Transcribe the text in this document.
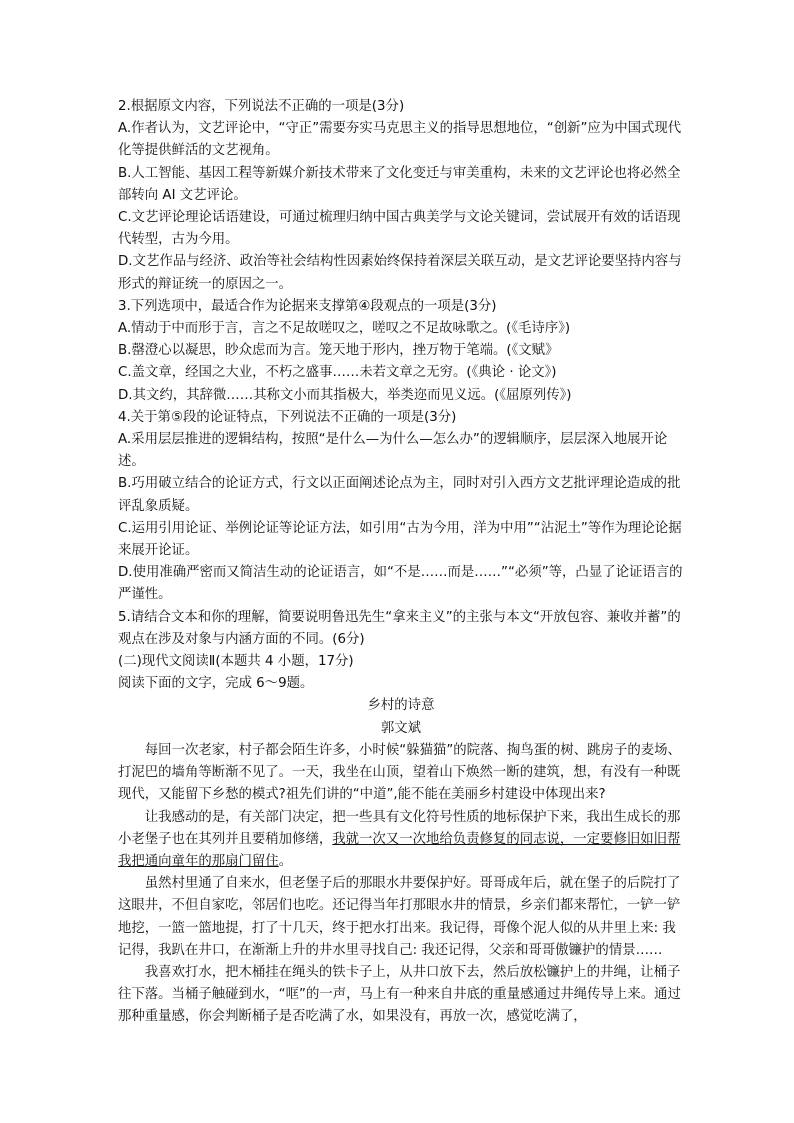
2.根据原文内容，下列说法不正确的一项是(3分)

A.作者认为，文艺评论中，“守正”需要夯实马克思主义的指导思想地位，“创新”应为中国式现代化等提供鲜活的文艺视角。

B.人工智能、基因工程等新媒介新技术带来了文化变迁与审美重构，未来的文艺评论也将必然全部转向 AI 文艺评论。

C.文艺评论理论话语建设，可通过梳理归纳中国古典美学与文论关键词，尝试展开有效的话语现代转型，古为今用。

D.文艺作品与经济、政治等社会结构性因素始终保持着深层关联互动，是文艺评论要坚持内容与形式的辩证统一的原因之一。

3.下列选项中，最适合作为论据来支撑第④段观点的一项是(3分)

A.情动于中而形于言，言之不足故嗟叹之，嗟叹之不足故咏歌之。(《毛诗序》)

B.罄澄心以凝思，眇众虑而为言。笼天地于形内，挫万物于笔端。(《文赋》

C.盖文章，经国之大业，不朽之盛事……未若文章之无穷。(《典论 · 论文》)

D.其文约，其辞微……其称文小而其指极大，举类迩而见义远。(《屈原列传》)

4.关于第⑤段的论证特点，下列说法不正确的一项是(3分)

A.采用层层推进的逻辑结构，按照“是什么—为什么—怎么办”的逻辑顺序，层层深入地展开论述。

B.巧用破立结合的论证方式，行文以正面阐述论点为主，同时对引入西方文艺批评理论造成的批评乱象质疑。

C.运用引用论证、举例论证等论证方法，如引用“古为今用，洋为中用”“沾泥土”等作为理论论据来展开论证。

D.使用准确严密而又简洁生动的论证语言，如“不是……而是……”“必须”等，凸显了论证语言的严谨性。

5.请结合文本和你的理解，简要说明鲁迅先生“拿来主义”的主张与本文“开放包容、兼收并蓄”的观点在涉及对象与内涵方面的不同。(6分)

(二)现代文阅读Ⅱ(本题共 4 小题，17分)

阅读下面的文字，完成 6～9题。

乡村的诗意

郭文斌

每回一次老家，村子都会陌生许多，小时候“躲猫猫”的院落、掏鸟蛋的树、跳房子的麦场、打泥巴的墙角等断渐不见了。一天，我坐在山顶，望着山下焕然一断的建筑，想，有没有一种既现代，又能留下乡愁的模式?祖先们讲的“中道”,能不能在美丽乡村建设中体现出来?

让我感动的是，有关部门决定，把一些具有文化符号性质的地标保护下来，我出生成长的那小老堡子也在其列并且要稍加修缮，我就一次又一次地给负责修复的同志说，一定要修旧如旧帮我把通向童年的那扇门留住。

虽然村里通了自来水，但老堡子后的那眼水井要保护好。哥哥成年后，就在堡子的后院打了这眼井，不但自家吃，邻居们也吃。还记得当年打那眼水井的情景，乡亲们都来帮忙，一铲一铲地挖，一篮一篮地提，打了十几天，终于把水打出来。我记得，哥像个泥人似的从井里上来: 我记得，我趴在井口，在渐渐上升的井水里寻找自己: 我还记得，父亲和哥哥傲镰护的情景……

我喜欢打水，把木桶挂在绳头的铁卡子上，从井口放下去，然后放松镰护上的井绳，让桶子往下落。当桶子触碰到水，“哐”的一声，马上有一种来自井底的重量感通过井绳传导上来。通过那种重量感，你会判断桶子是否吃满了水，如果没有，再放一次，感觉吃满了，
